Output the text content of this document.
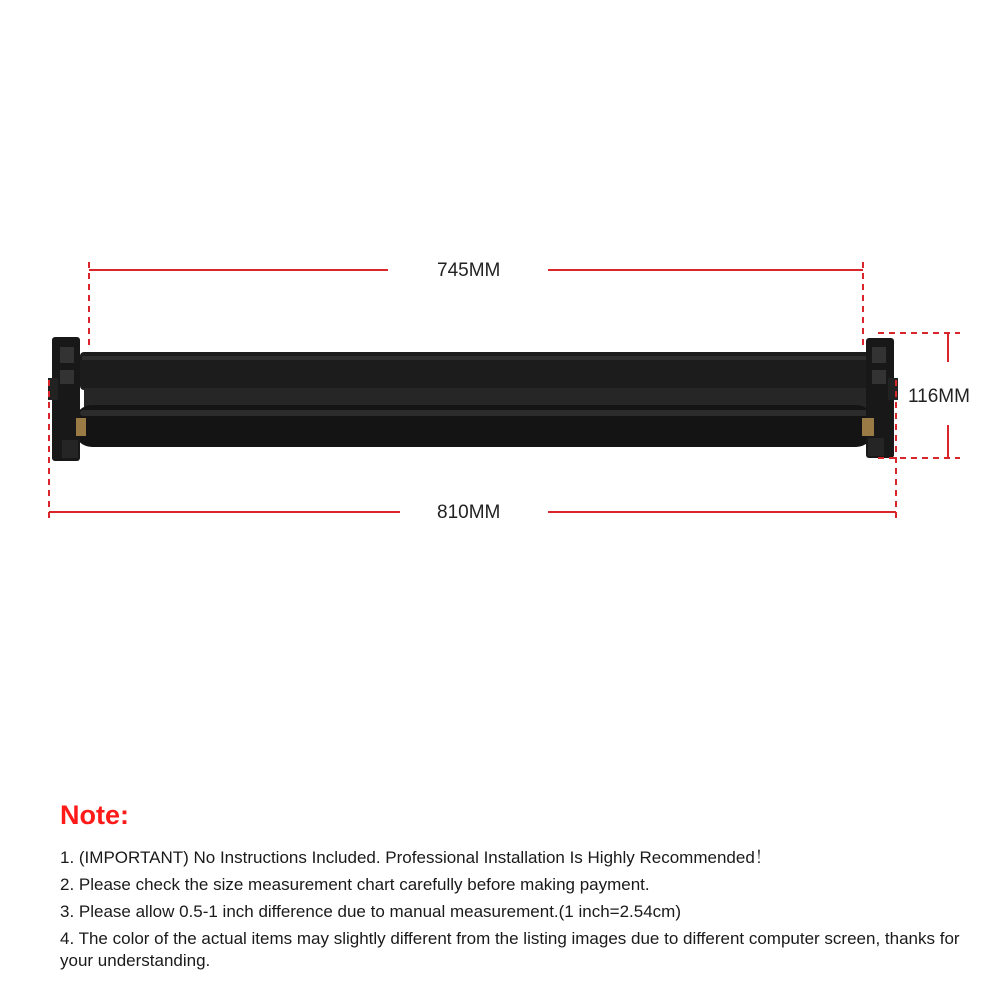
745MM
810MM
116MM
Note:
1. (IMPORTANT) No Instructions Included. Professional Installation Is Highly Recommended！
2. Please check the size measurement chart carefully before making payment.
3. Please allow 0.5-1 inch difference due to manual measurement.(1 inch=2.54cm)
4. The color of the actual items may slightly different from the listing images due to different computer screen, thanks for your understanding.
